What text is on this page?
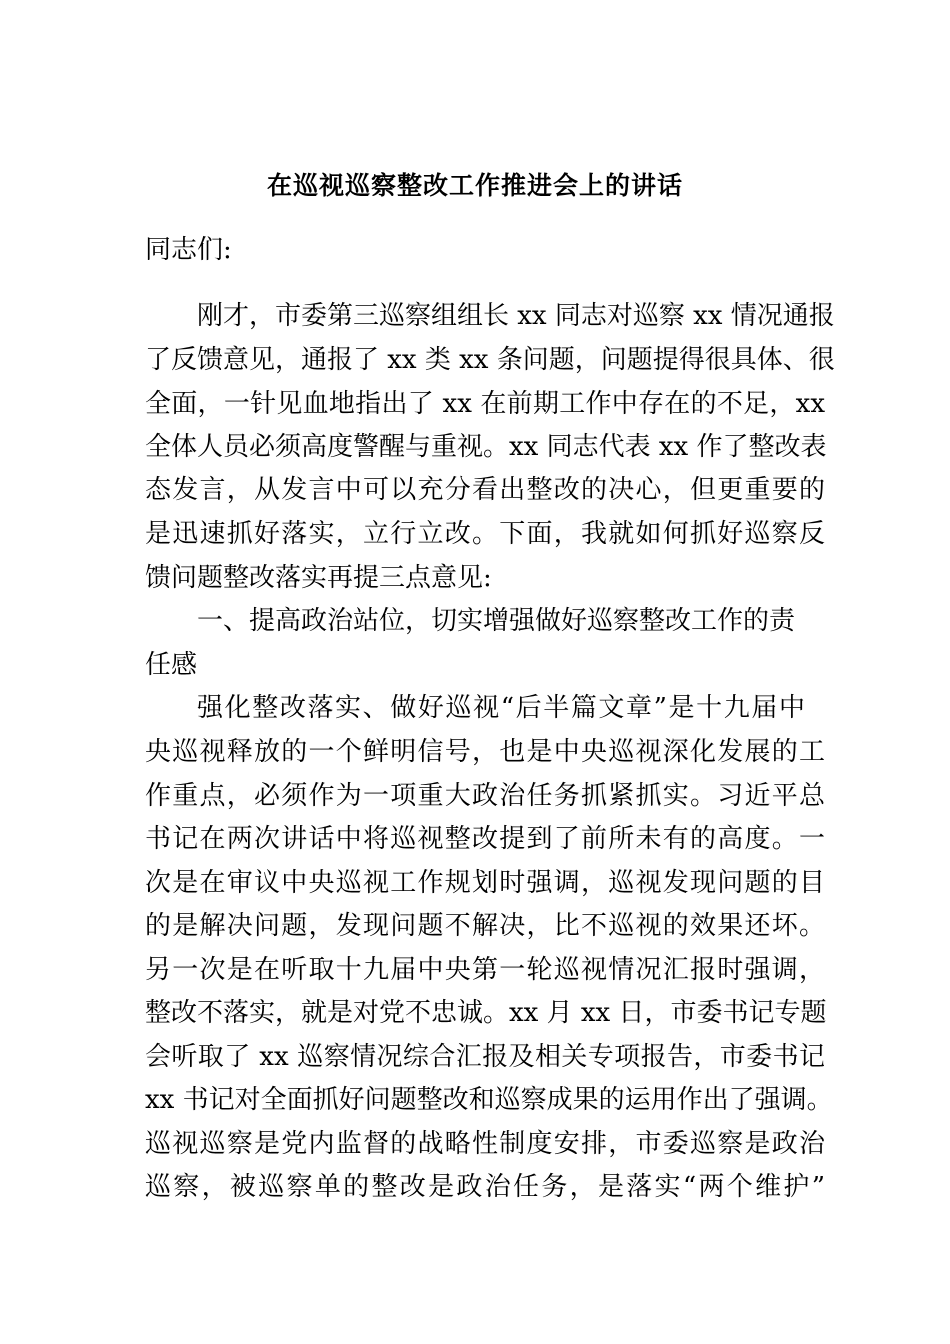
在巡视巡察整改工作推进会上的讲话
同志们:
刚才，市委第三巡察组组长 xx 同志对巡察 xx 情况通报
了反馈意见，通报了 xx 类 xx 条问题，问题提得很具体、很
全面，一针见血地指出了 xx 在前期工作中存在的不足，xx
全体人员必须高度警醒与重视。xx 同志代表 xx 作了整改表
态发言，从发言中可以充分看出整改的决心，但更重要的
是迅速抓好落实，立行立改。下面，我就如何抓好巡察反
馈问题整改落实再提三点意见:
一、提高政治站位，切实增强做好巡察整改工作的责
任感
强化整改落实、做好巡视“后半篇文章”是十九届中
央巡视释放的一个鲜明信号，也是中央巡视深化发展的工
作重点，必须作为一项重大政治任务抓紧抓实。习近平总
书记在两次讲话中将巡视整改提到了前所未有的高度。一
次是在审议中央巡视工作规划时强调，巡视发现问题的目
的是解决问题，发现问题不解决，比不巡视的效果还坏。
另一次是在听取十九届中央第一轮巡视情况汇报时强调，
整改不落实，就是对党不忠诚。xx 月 xx 日，市委书记专题
会听取了 xx 巡察情况综合汇报及相关专项报告，市委书记
xx 书记对全面抓好问题整改和巡察成果的运用作出了强调。
巡视巡察是党内监督的战略性制度安排，市委巡察是政治
巡察，被巡察单的整改是政治任务，是落实“两个维护”
